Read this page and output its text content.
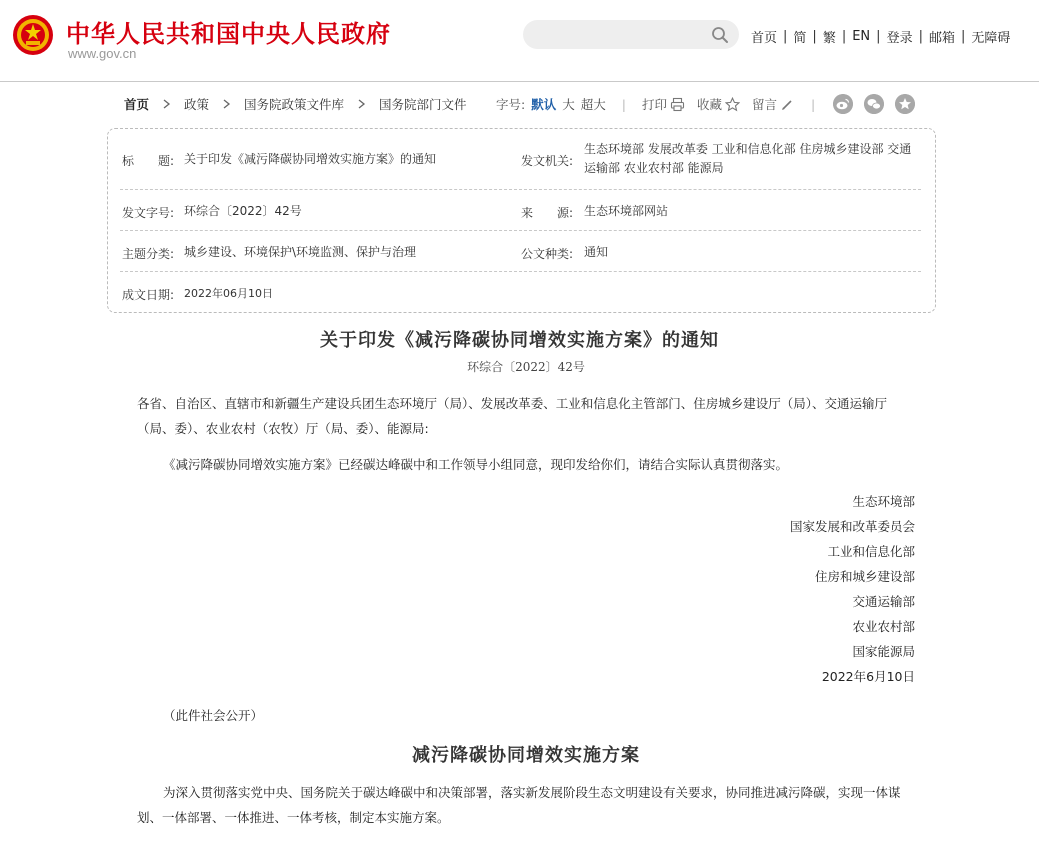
中华人民共和国中央人民政府
www.gov.cn
首页 | 简 | 繁 | EN | 登录 | 邮箱 | 无障碍
首页	政策	国务院政策文件库	国务院部门文件 字号: 默认 大 超大 | 打印 收藏 留言	|
标　　题: 关于印发《减污降碳协同增效实施方案》的通知	发文机关:
生态环境部 发展改革委 工业和信息化部 住房城乡建设部 交通运输部 农业农村部 能源局
发文字号: 环综合〔2022〕42号	来　　源: 生态环境部网站
主题分类: 城乡建设、环境保护\环境监测、保护与治理	公文种类: 通知
成文日期: 2022年06月10日
关于印发《减污降碳协同增效实施方案》的通知
环综合〔2022〕42号
各省、自治区、直辖市和新疆生产建设兵团生态环境厅（局）、发展改革委、工业和信息化主管部门、住房城乡建设厅（局）、交通运输厅（局、委）、农业农村（农牧）厅（局、委）、能源局:
《减污降碳协同增效实施方案》已经碳达峰碳中和工作领导小组同意，现印发给你们，请结合实际认真贯彻落实。
生态环境部
国家发展和改革委员会
工业和信息化部
住房和城乡建设部
交通运输部
农业农村部
国家能源局
2022年6月10日
（此件社会公开）
减污降碳协同增效实施方案
为深入贯彻落实党中央、国务院关于碳达峰碳中和决策部署，落实新发展阶段生态文明建设有关要求，协同推进减污降碳，实现一体谋划、一体部署、一体推进、一体考核，制定本实施方案。
